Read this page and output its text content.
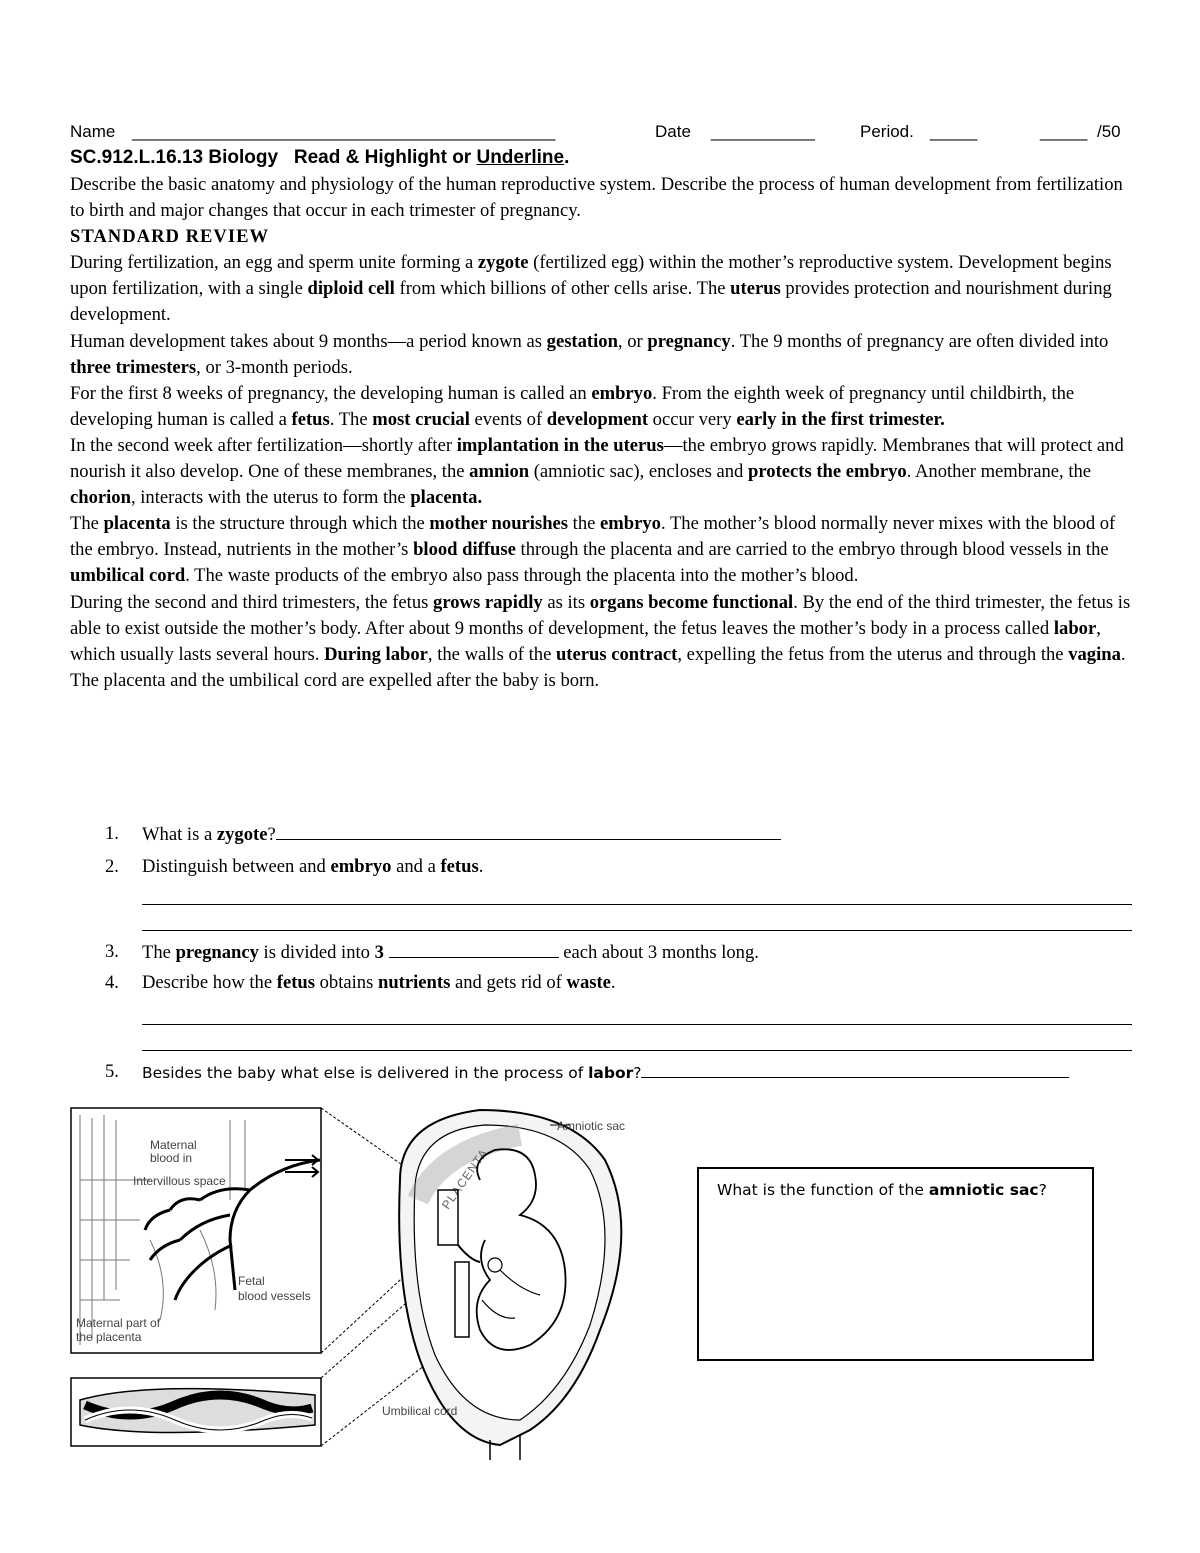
Name ___________________________________________	Date ___________	Period. _____	_____ /50
SC.912.L.16.13 Biology Read & Highlight or Underline.

Describe the basic anatomy and physiology of the human reproductive system. Describe the process of human development from fertilization to birth and major changes that occur in each trimester of pregnancy.

STANDARD REVIEW

During fertilization, an egg and sperm unite forming a zygote (fertilized egg) within the mother’s reproductive system. Development begins upon fertilization, with a single diploid cell from which billions of other cells arise. The uterus provides protection and nourishment during development.

Human development takes about 9 months—a period known as gestation, or pregnancy. The 9 months of pregnancy are often divided into three trimesters, or 3-month periods.

For the first 8 weeks of pregnancy, the developing human is called an embryo. From the eighth week of pregnancy until childbirth, the developing human is called a fetus. The most crucial events of development occur very early in the first trimester.

In the second week after fertilization—shortly after implantation in the uterus—the embryo grows rapidly. Membranes that will protect and nourish it also develop. One of these membranes, the amnion (amniotic sac), encloses and protects the embryo. Another membrane, the chorion, interacts with the uterus to form the placenta.

The placenta is the structure through which the mother nourishes the embryo. The mother’s blood normally never mixes with the blood of the embryo. Instead, nutrients in the mother’s blood diffuse through the placenta and are carried to the embryo through blood vessels in the umbilical cord. The waste products of the embryo also pass through the placenta into the mother’s blood.

During the second and third trimesters, the fetus grows rapidly as its organs become functional. By the end of the third trimester, the fetus is able to exist outside the mother’s body. After about 9 months of development, the fetus leaves the mother’s body in a process called labor, which usually lasts several hours. During labor, the walls of the uterus contract, expelling the fetus from the uterus and through the vagina. The placenta and the umbilical cord are expelled after the baby is born.

1. What is a zygote?
2. Distinguish between and embryo and a fetus.
3. The pregnancy is divided into 3	each about 3 months long.
4. Describe how the fetus obtains nutrients and gets rid of waste.
5. Besides the baby what else is delivered in the process of labor?
Maternal
blood in
Intervillous space
Fetal
blood vessels
Maternal part of
the placenta
PLACENTA
Amniotic sac
Umbilical cord
What is the function of the amniotic sac?
